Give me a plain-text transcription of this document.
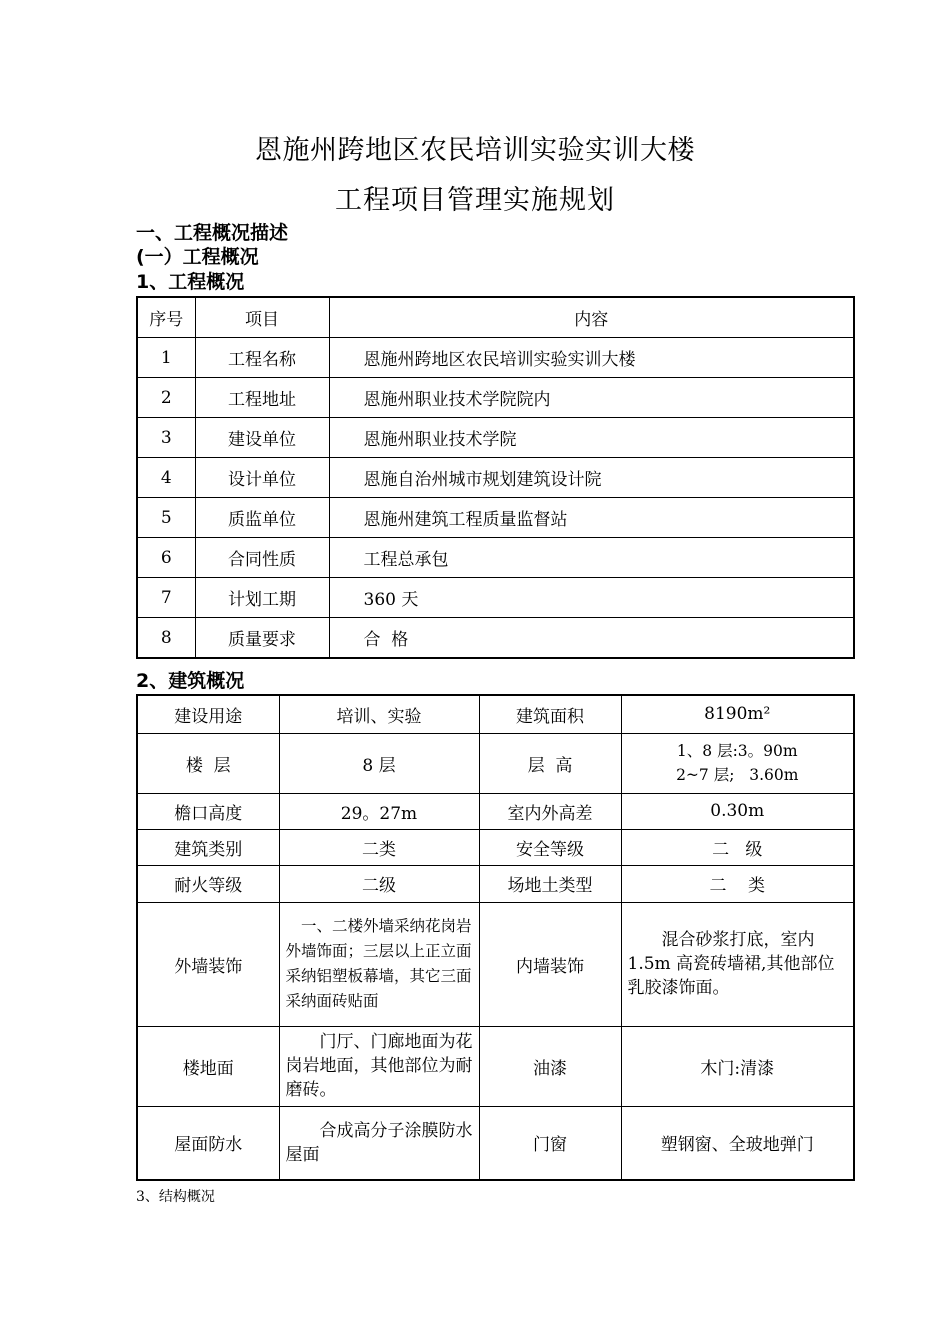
恩施州跨地区农民培训实验实训大楼
工程项目管理实施规划
一、工程概况描述
(一）工程概况
1、工程概况
序号	项目	内容
1	工程名称	恩施州跨地区农民培训实验实训大楼
2	工程地址	恩施州职业技术学院院内
3	建设单位	恩施州职业技术学院
4	设计单位	恩施自治州城市规划建筑设计院
5	质监单位	恩施州建筑工程质量监督站
6	合同性质	工程总承包
7	计划工期	360 天
8	质量要求	合  格
2、建筑概况
建设用途	培训、实验	建筑面积	8190m²
楼  层	8 层	层  高	1、8 层:3。90m
2~7 层;   3.60m

檐口高度	29。27m	室内外高差	0.30m
建筑类别	二类	安全等级	二   级
耐火等级	二级	场地土类型	二    类
外墙装饰	　一、二楼外墙采纳花岗岩外墙饰面；三层以上正立面采纳铝塑板幕墙，其它三面采纳面砖贴面	内墙装饰	　　混合砂浆打底，室内 1.5m 高瓷砖墙裙,其他部位乳胶漆饰面。
楼地面	　　门厅、门廊地面为花岗岩地面，其他部位为耐磨砖。	油漆	木门:清漆
屋面防水	　　合成高分子涂膜防水屋面	门窗	塑钢窗、全玻地弹门
3、结构概况
